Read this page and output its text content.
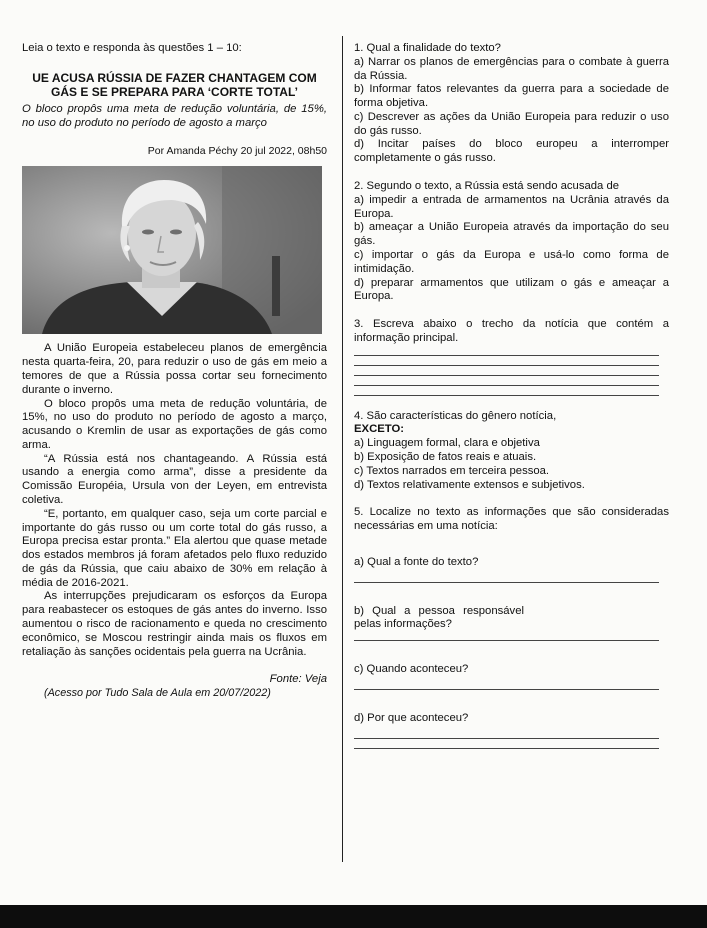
Leia o texto e responda às questões 1 – 10:

UE ACUSA RÚSSIA DE FAZER CHANTAGEM COM GÁS E SE PREPARA PARA ‘CORTE TOTAL’

O bloco propôs uma meta de redução voluntária, de 15%, no uso do produto no período de agosto a março

Por Amanda Péchy 20 jul 2022, 08h50

A União Europeia estabeleceu planos de emergência nesta quarta-feira, 20, para reduzir o uso de gás em meio a temores de que a Rússia possa cortar seu fornecimento durante o inverno.

O bloco propôs uma meta de redução voluntária, de 15%, no uso do produto no período de agosto a março, acusando o Kremlin de usar as exportações de gás como arma.

“A Rússia está nos chantageando. A Rússia está usando a energia como arma”, disse a presidente da Comissão Européia, Ursula von der Leyen, em entrevista coletiva.

“E, portanto, em qualquer caso, seja um corte parcial e importante do gás russo ou um corte total do gás russo, a Europa precisa estar pronta.” Ela alertou que quase metade dos estados membros já foram afetados pelo fluxo reduzido de gás da Rússia, que caiu abaixo de 30% em relação à média de 2016-2021.

As interrupções prejudicaram os esforços da Europa para reabastecer os estoques de gás antes do inverno. Isso aumentou o risco de racionamento e queda no crescimento econômico, se Moscou restringir ainda mais os fluxos em retaliação às sanções ocidentais pela guerra na Ucrânia.

Fonte: Veja

(Acesso por Tudo Sala de Aula em 20/07/2022)

1. Qual a finalidade do texto?

a) Narrar os planos de emergências para o combate à guerra da Rússia.

b) Informar fatos relevantes da guerra para a sociedade de forma objetiva.

c) Descrever as ações da União Europeia para reduzir o uso do gás russo.

d) Incitar países do bloco europeu a interromper completamente o gás russo.

2. Segundo o texto, a Rússia está sendo acusada de

a) impedir a entrada de armamentos na Ucrânia através da Europa.

b) ameaçar a União Europeia através da importação do seu gás.

c) importar o gás da Europa e usá-lo como forma de intimidação.

d) preparar armamentos que utilizam o gás e ameaçar a Europa.

3. Escreva abaixo o trecho da notícia que contém a informação principal.

4. São características do gênero notícia,

EXCETO:

a) Linguagem formal, clara e objetiva

b) Exposição de fatos reais e atuais.

c) Textos narrados em terceira pessoa.

d) Textos relativamente extensos e subjetivos.

5. Localize no texto as informações que são consideradas necessárias em uma notícia:

a) Qual a fonte do texto?

b) Qual a pessoa responsável pelas informações?

c) Quando aconteceu?

d) Por que aconteceu?
